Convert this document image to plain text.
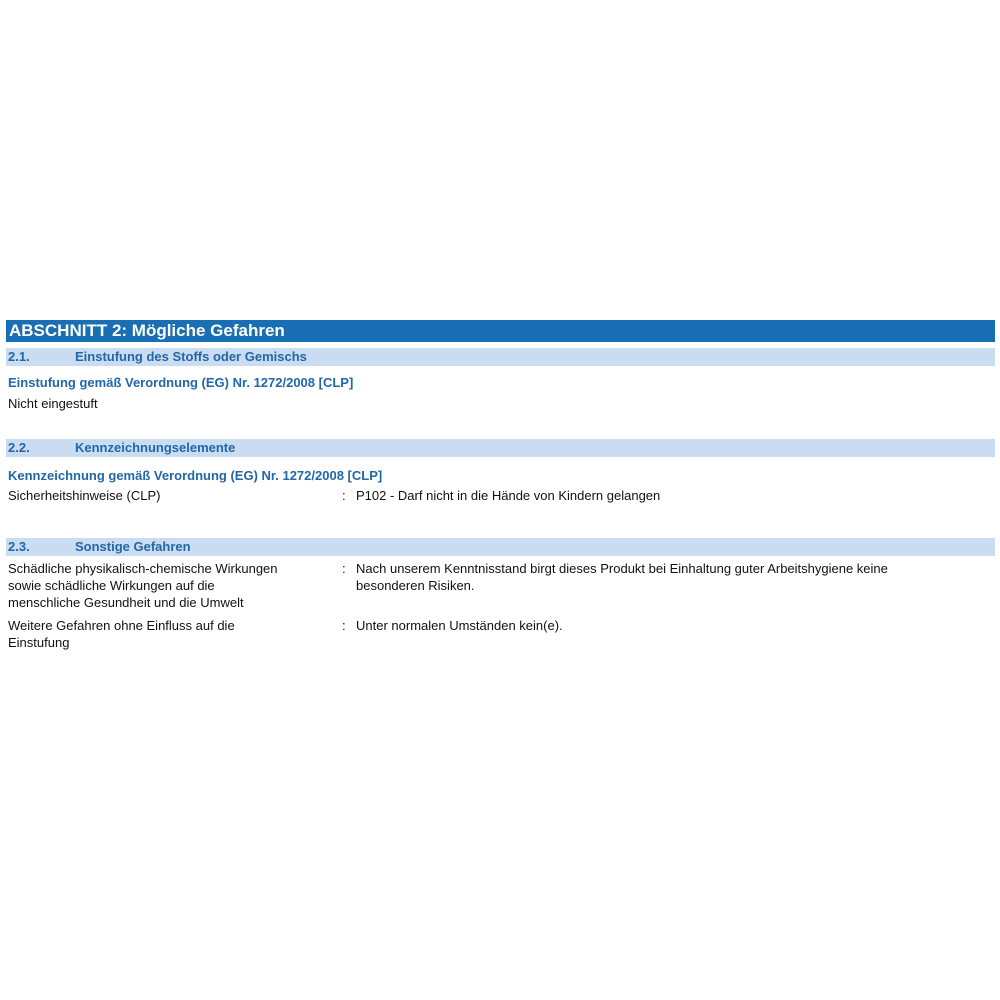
ABSCHNITT 2: Mögliche Gefahren
2.1.	Einstufung des Stoffs oder Gemischs
Einstufung gemäß Verordnung (EG) Nr. 1272/2008 [CLP]
Nicht eingestuft
2.2.	Kennzeichnungselemente
Kennzeichnung gemäß Verordnung (EG) Nr. 1272/2008 [CLP]
Sicherheitshinweise (CLP)	: P102 - Darf nicht in die Hände von Kindern gelangen
2.3.	Sonstige Gefahren
Schädliche physikalisch-chemische Wirkungen
sowie schädliche Wirkungen auf die
menschliche Gesundheit und die Umwelt
: Nach unserem Kenntnisstand birgt dieses Produkt bei Einhaltung guter Arbeitshygiene keine
besonderen Risiken.
Weitere Gefahren ohne Einfluss auf die
Einstufung
: Unter normalen Umständen kein(e).
